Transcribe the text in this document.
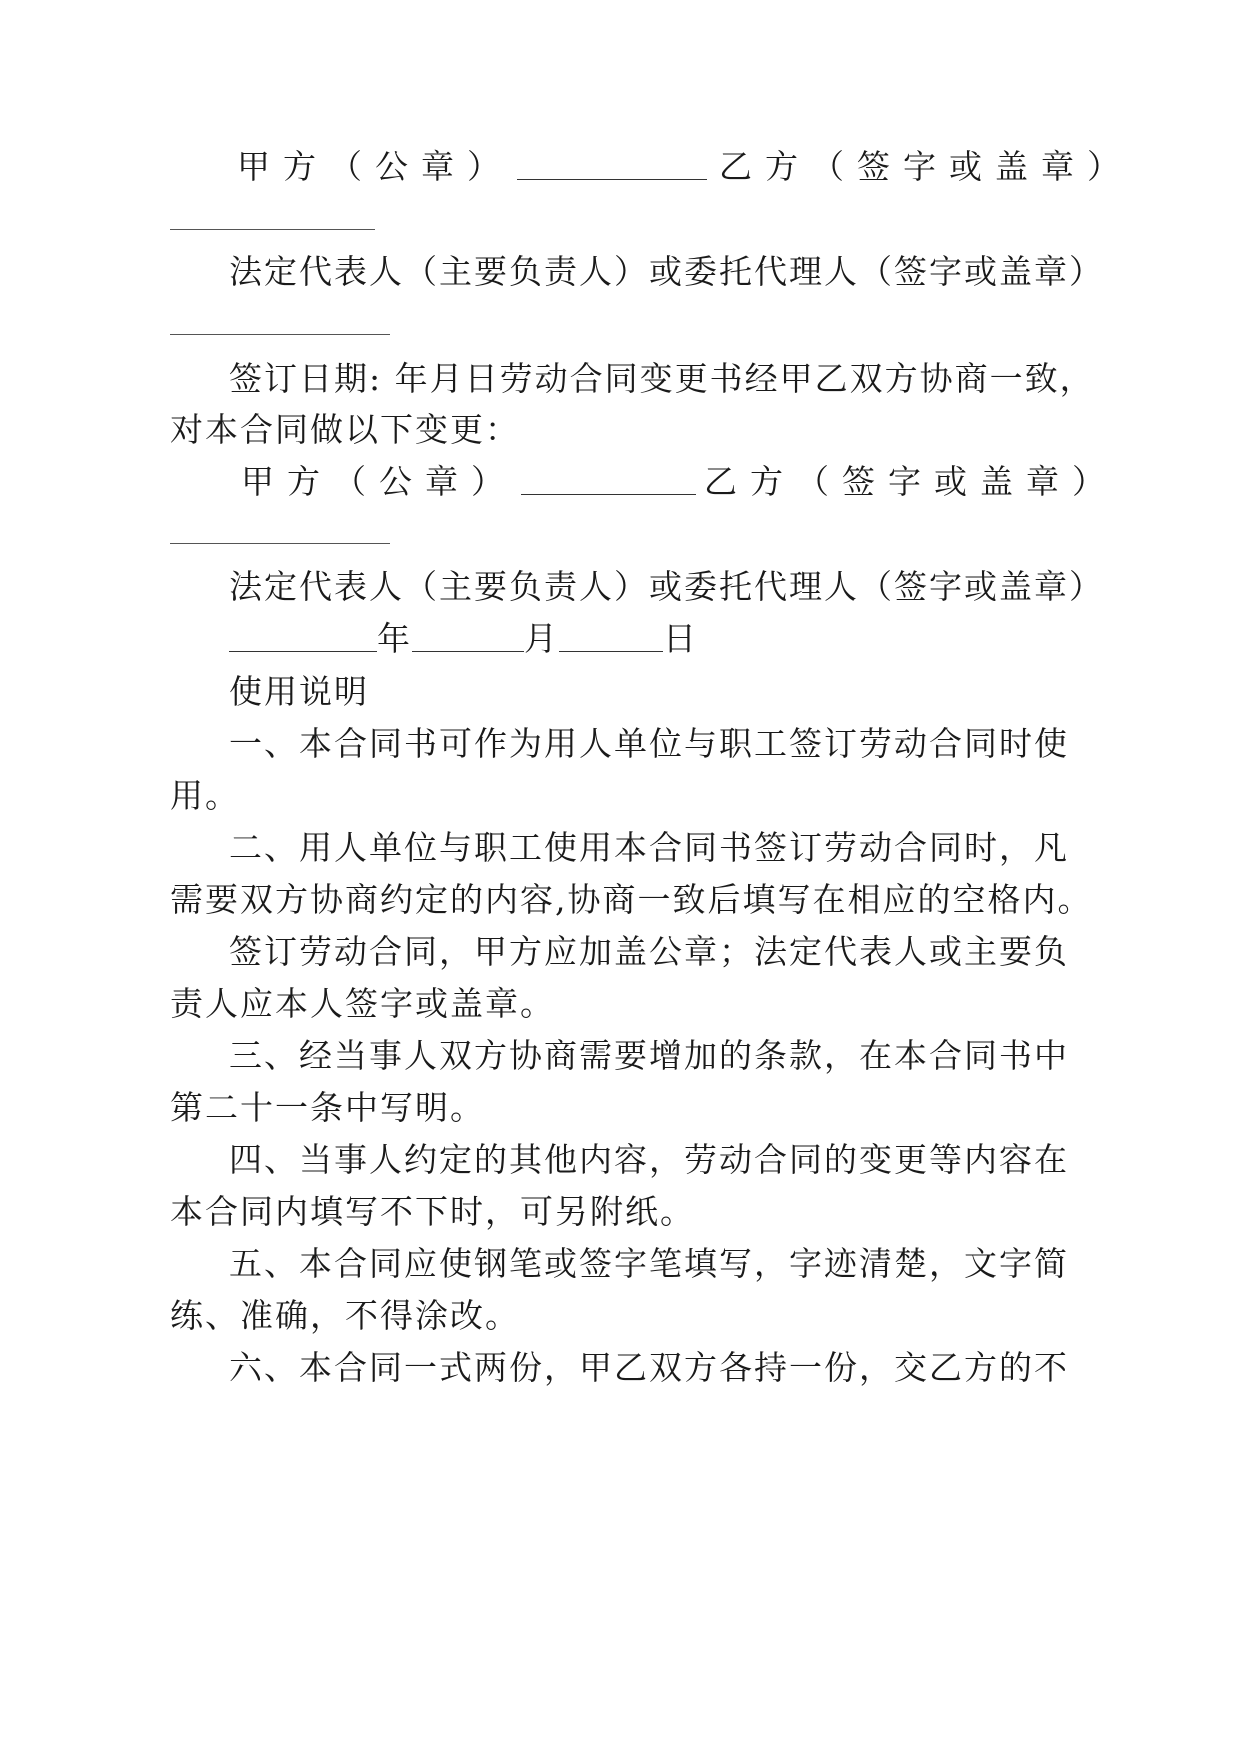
甲方（公章）	乙方（签字或盖章）
法定代表人（主要负责人）或委托代理人（签字或盖章）
签订日期: 年月日劳动合同变更书经甲乙双方协商一致，
对本合同做以下变更：
甲方（公章）	乙方（签字或盖章）
法定代表人（主要负责人）或委托代理人（签字或盖章）
年	月	日
使用说明
一、本合同书可作为用人单位与职工签订劳动合同时使
用。
二、用人单位与职工使用本合同书签订劳动合同时，凡
需要双方协商约定的内容,协商一致后填写在相应的空格内。
签订劳动合同，甲方应加盖公章；法定代表人或主要负
责人应本人签字或盖章。
三、经当事人双方协商需要增加的条款，在本合同书中
第二十一条中写明。
四、当事人约定的其他内容，劳动合同的变更等内容在
本合同内填写不下时，可另附纸。
五、本合同应使钢笔或签字笔填写，字迹清楚，文字简
练、准确，不得涂改。
六、本合同一式两份，甲乙双方各持一份，交乙方的不
